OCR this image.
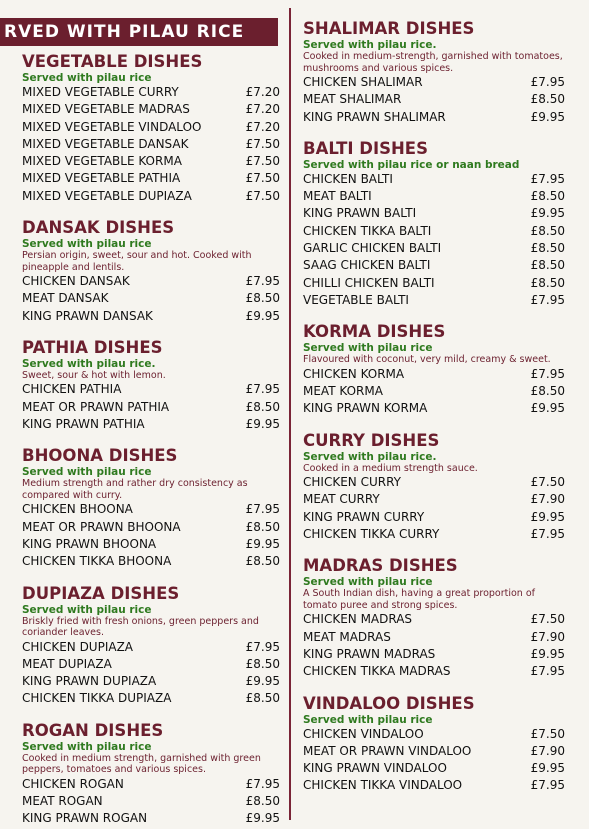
RVED WITH PILAU RICE
VEGETABLE DISHES
Served with pilau rice
MIXED VEGETABLE CURRY	£7.20
MIXED VEGETABLE MADRAS	£7.20
MIXED VEGETABLE VINDALOO	£7.20
MIXED VEGETABLE DANSAK	£7.50
MIXED VEGETABLE KORMA	£7.50
MIXED VEGETABLE PATHIA	£7.50
MIXED VEGETABLE DUPIAZA	£7.50
DANSAK DISHES
Served with pilau rice
Persian origin, sweet, sour and hot. Cooked with pineapple and lentils.
CHICKEN DANSAK	£7.95
MEAT DANSAK	£8.50
KING PRAWN DANSAK	£9.95
PATHIA DISHES
Served with pilau rice.
Sweet, sour & hot with lemon.
CHICKEN PATHIA	£7.95
MEAT OR PRAWN PATHIA	£8.50
KING PRAWN PATHIA	£9.95
BHOONA DISHES
Served with pilau rice
Medium strength and rather dry consistency as compared with curry.
CHICKEN BHOONA	£7.95
MEAT OR PRAWN BHOONA	£8.50
KING PRAWN BHOONA	£9.95
CHICKEN TIKKA BHOONA	£8.50
DUPIAZA DISHES
Served with pilau rice
Briskly fried with fresh onions, green peppers and coriander leaves.
CHICKEN DUPIAZA	£7.95
MEAT DUPIAZA	£8.50
KING PRAWN DUPIAZA	£9.95
CHICKEN TIKKA DUPIAZA	£8.50
ROGAN DISHES
Served with pilau rice
Cooked in medium strength, garnished with green peppers, tomatoes and various spices.
CHICKEN ROGAN	£7.95
MEAT ROGAN	£8.50
KING PRAWN ROGAN	£9.95
SHALIMAR DISHES
Served with pilau rice.
Cooked in medium-strength, garnished with tomatoes, mushrooms and various spices.
CHICKEN SHALIMAR	£7.95
MEAT SHALIMAR	£8.50
KING PRAWN SHALIMAR	£9.95
BALTI DISHES
Served with pilau rice or naan bread
CHICKEN BALTI	£7.95
MEAT BALTI	£8.50
KING PRAWN BALTI	£9.95
CHICKEN TIKKA BALTI	£8.50
GARLIC CHICKEN BALTI	£8.50
SAAG CHICKEN BALTI	£8.50
CHILLI CHICKEN BALTI	£8.50
VEGETABLE BALTI	£7.95
KORMA DISHES
Served with pilau rice
Flavoured with coconut, very mild, creamy & sweet.
CHICKEN KORMA	£7.95
MEAT KORMA	£8.50
KING PRAWN KORMA	£9.95
CURRY DISHES
Served with pilau rice.
Cooked in a medium strength sauce.
CHICKEN CURRY	£7.50
MEAT CURRY	£7.90
KING PRAWN CURRY	£9.95
CHICKEN TIKKA CURRY	£7.95
MADRAS DISHES
Served with pilau rice
A South Indian dish, having a great proportion of tomato puree and strong spices.
CHICKEN MADRAS	£7.50
MEAT MADRAS	£7.90
KING PRAWN MADRAS	£9.95
CHICKEN TIKKA MADRAS	£7.95
VINDALOO DISHES
Served with pilau rice
CHICKEN VINDALOO	£7.50
MEAT OR PRAWN VINDALOO	£7.90
KING PRAWN VINDALOO	£9.95
CHICKEN TIKKA VINDALOO	£7.95
